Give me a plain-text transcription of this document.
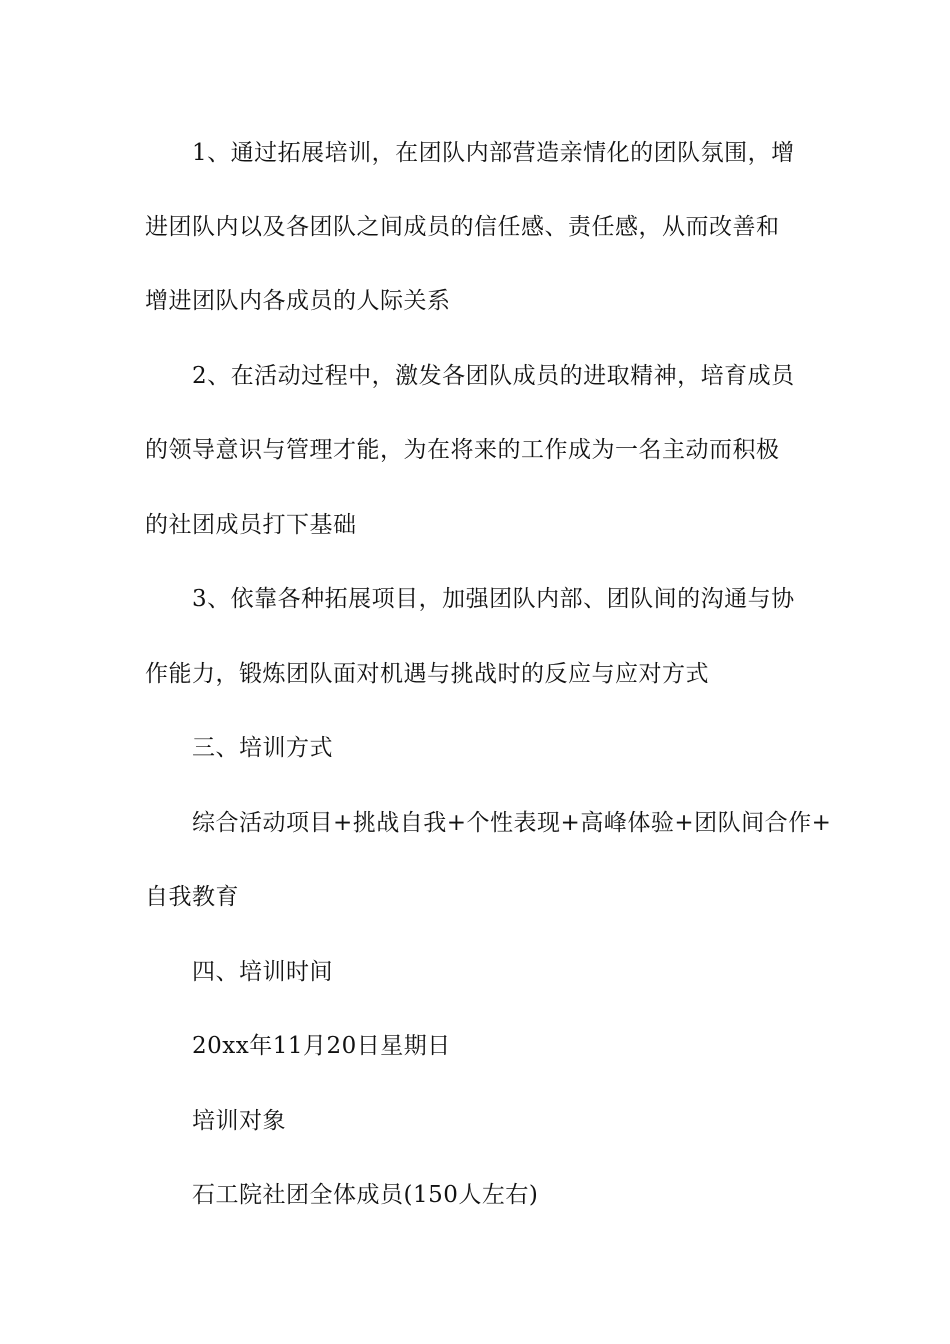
1、通过拓展培训，在团队内部营造亲情化的团队氛围，增
进团队内以及各团队之间成员的信任感、责任感，从而改善和
增进团队内各成员的人际关系
2、在活动过程中，激发各团队成员的进取精神，培育成员
的领导意识与管理才能，为在将来的工作成为一名主动而积极
的社团成员打下基础
3、依靠各种拓展项目，加强团队内部、团队间的沟通与协
作能力，锻炼团队面对机遇与挑战时的反应与应对方式
三、培训方式
综合活动项目+挑战自我+个性表现+高峰体验+团队间合作+
自我教育
四、培训时间
20xx年11月20日星期日
培训对象
石工院社团全体成员(150人左右)
